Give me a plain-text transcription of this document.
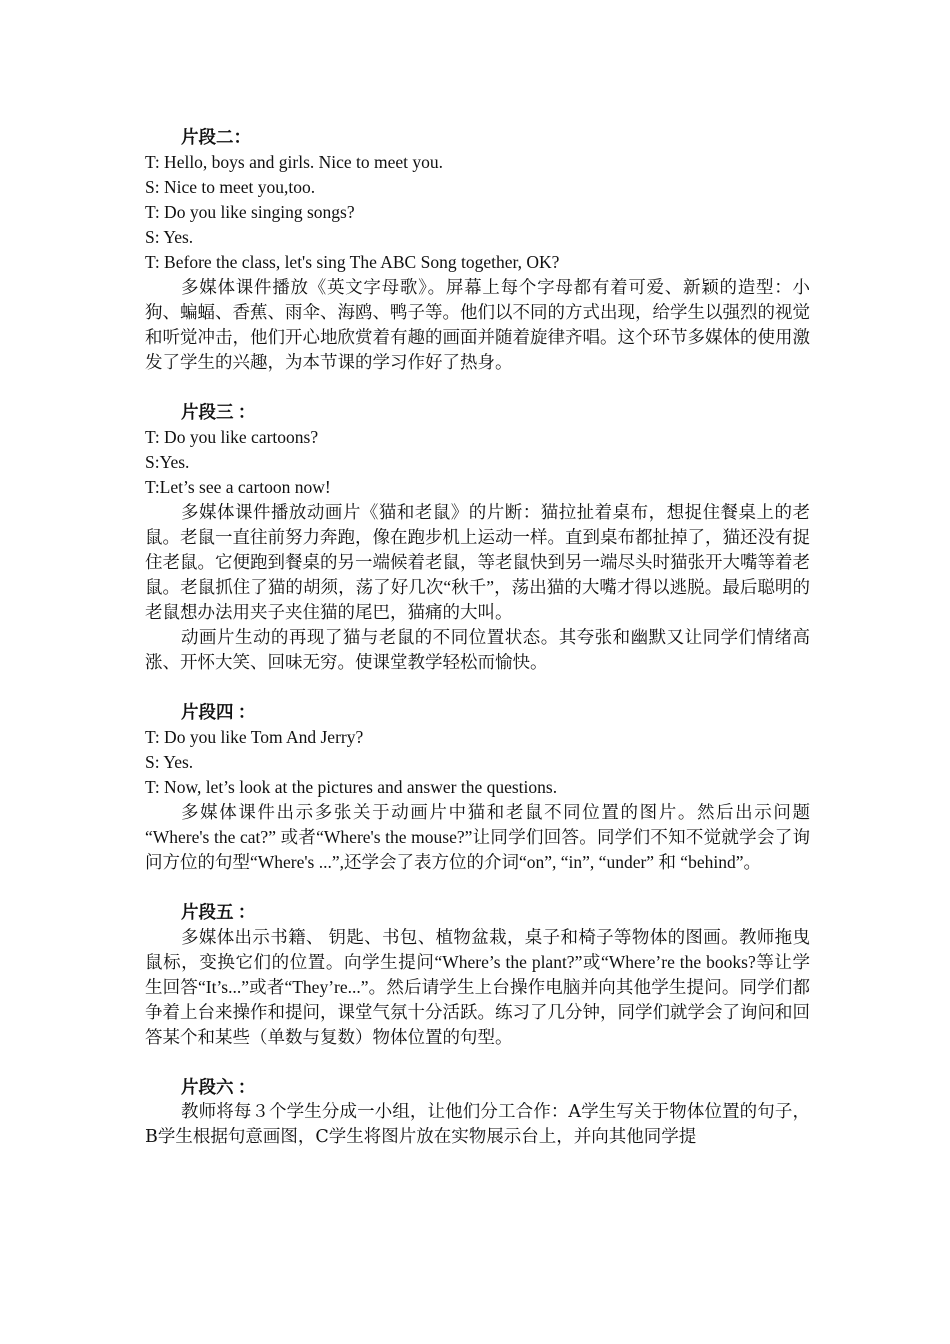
片段二：
T: Hello, boys and girls. Nice to meet you.
S: Nice to meet you,too.
T: Do you like singing songs?
S: Yes.
T: Before the class, let's sing The ABC Song together, OK?
多媒体课件播放《英文字母歌》。屏幕上每个字母都有着可爱、新颖的造型：小狗、蝙蝠、香蕉、雨伞、海鸥、鸭子等。他们以不同的方式出现，给学生以强烈的视觉和听觉冲击，他们开心地欣赏着有趣的画面并随着旋律齐唱。这个环节多媒体的使用激发了学生的兴趣，为本节课的学习作好了热身。
片段三 ：
T: Do you like cartoons?
S:Yes.
T:Let’s see a cartoon now!
多媒体课件播放动画片《猫和老鼠》的片断：猫拉扯着桌布，想捉住餐桌上的老鼠。老鼠一直往前努力奔跑，像在跑步机上运动一样。直到桌布都扯掉了，猫还没有捉住老鼠。它便跑到餐桌的另一端候着老鼠，等老鼠快到另一端尽头时猫张开大嘴等着老鼠。老鼠抓住了猫的胡须，荡了好几次“秋千”，荡出猫的大嘴才得以逃脱。最后聪明的老鼠想办法用夹子夹住猫的尾巴，猫痛的大叫。
动画片生动的再现了猫与老鼠的不同位置状态。其夸张和幽默又让同学们情绪高涨、开怀大笑、回味无穷。使课堂教学轻松而愉快。
片段四 ：
T: Do you like Tom And Jerry?
S: Yes.
T: Now, let’s look at the pictures and answer the questions.
多媒体课件出示多张关于动画片中猫和老鼠不同位置的图片。然后出示问题 “Where's the cat?” 或者“Where's the mouse?”让同学们回答。同学们不知不觉就学会了询问方位的句型“Where's ...”,还学会了表方位的介词“on”, “in”, “under” 和 “behind”。
片段五 ：
多媒体出示书籍、 钥匙、书包、植物盆栽，桌子和椅子等物体的图画。教师拖曳鼠标，变换它们的位置。向学生提问“Where’s the plant?”或“Where’re the books?等让学生回答“It’s...”或者“They’re...”。然后请学生上台操作电脑并向其他学生提问。同学们都争着上台来操作和提问，课堂气氛十分活跃。练习了几分钟，同学们就学会了询问和回答某个和某些（单数与复数）物体位置的句型。
片段六 ：
教师将每３个学生分成一小组，让他们分工合作：A学生写关于物体位置的句子，B学生根据句意画图，C学生将图片放在实物展示台上，并向其他同学提
